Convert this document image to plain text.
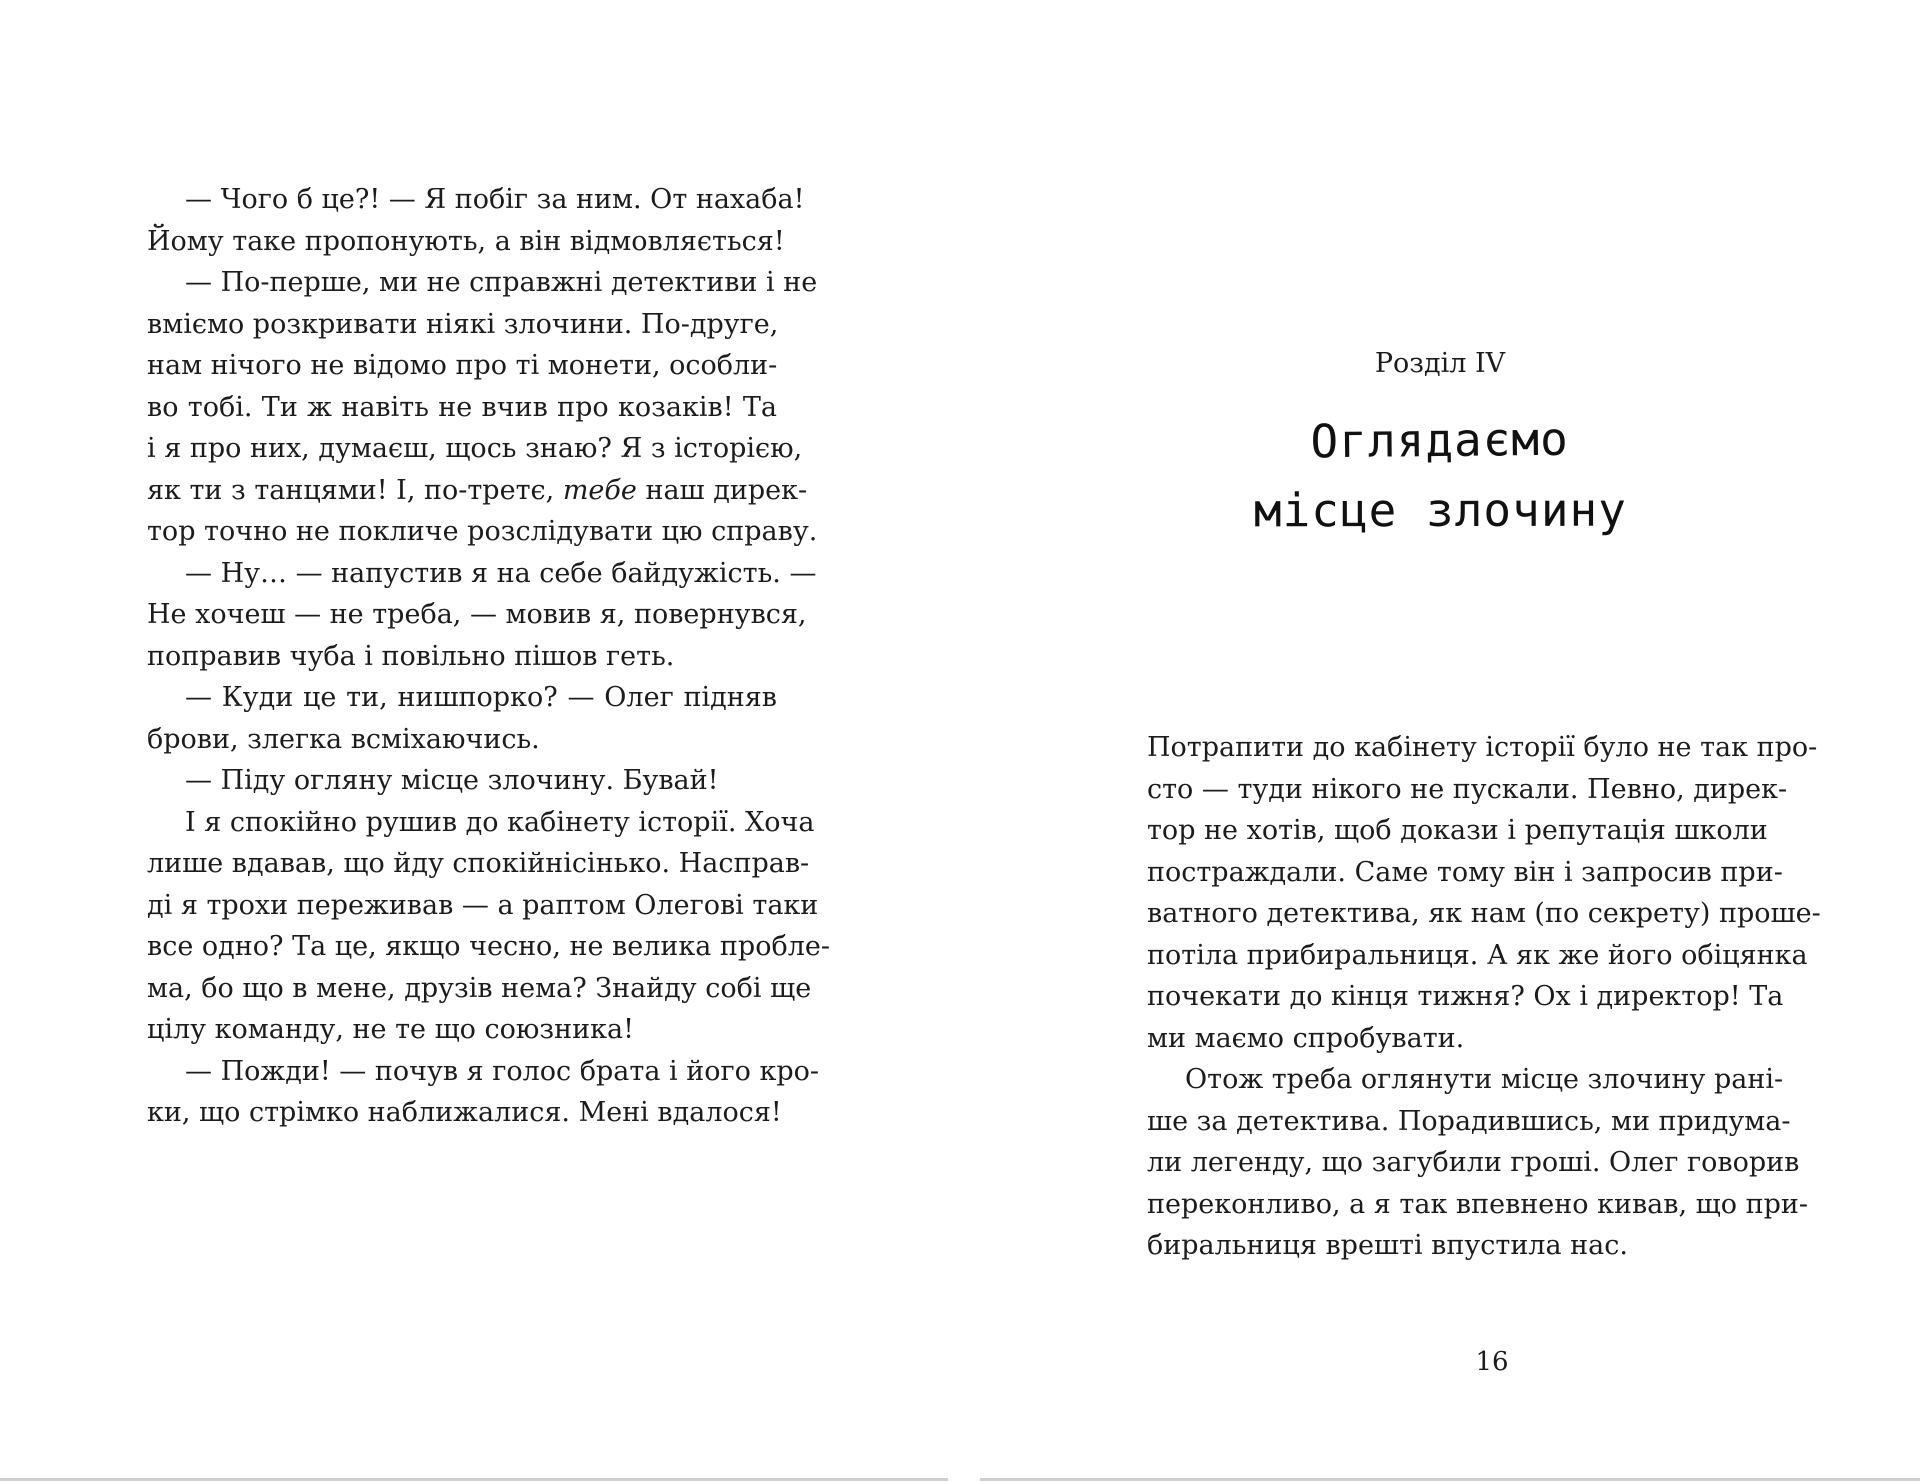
— Чого б це?! — Я побіг за ним. От нахаба!
Йому таке пропонують, а він відмовляється!
— По-перше, ми не справжні детективи і не
вміємо розкривати ніякі злочини. По-друге,
нам нічого не відомо про ті монети, особли-
во тобі. Ти ж навіть не вчив про козаків! Та
і я про них, думаєш, щось знаю? Я з історією,
як ти з танцями! І, по-третє, тебе наш дирек-
тор точно не покличе розслідувати цю справу.
— Ну… — напустив я на себе байдужість. —
Не хочеш — не треба, — мовив я, повернувся,
поправив чуба і повільно пішов геть.
— Куди це ти, нишпорко? — Олег підняв
брови, злегка всміхаючись.
— Піду огляну місце злочину. Бувай!
І я спокійно рушив до кабінету історії. Хоча
лише вдавав, що йду спокійнісінько. Насправ-
ді я трохи переживав — а раптом Олегові таки
все одно? Та це, якщо чесно, не велика пробле-
ма, бо що в мене, друзів нема? Знайду собі ще
цілу команду, не те що союзника!
— Пожди! — почув я голос брата і його кро-
ки, що стрімко наближалися. Мені вдалося!
Розділ IV
Оглядаємо
місце злочину
Потрапити до кабінету історії було не так про-
сто — туди нікого не пускали. Певно, дирек-
тор не хотів, щоб докази і репутація школи
постраждали. Саме тому він і запросив при-
ватного детектива, як нам (по секрету) проше-
потіла прибиральниця. А як же його обіцянка
почекати до кінця тижня? Ох і директор! Та
ми маємо спробувати.
Отож треба оглянути місце злочину рані-
ше за детектива. Порадившись, ми придума-
ли легенду, що загубили гроші. Олег говорив
переконливо, а я так впевнено кивав, що при-
биральниця врешті впустила нас.
16
